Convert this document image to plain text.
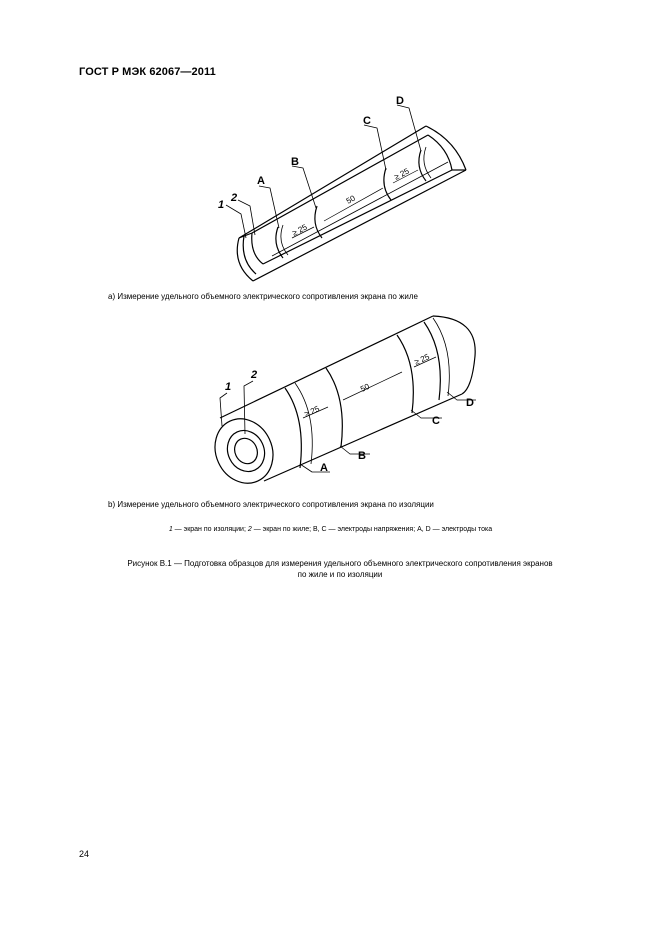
ГОСТ Р МЭК 62067—2011
1
2
A
B
C
D
≥ 25
50
≥ 25
a) Измерение удельного объемного электрического сопротивления экрана по жиле
1
2
A
B
C
D
≥ 25
50
≥ 25
b) Измерение удельного объемного электрического сопротивления экрана по изоляции
1 — экран по изоляции; 2 — экран по жиле; B, C — электроды напряжения; A, D — электроды тока
Рисунок B.1 — Подготовка образцов для измерения удельного объемного электрического сопротивления экранов
по жиле и по изоляции
24
